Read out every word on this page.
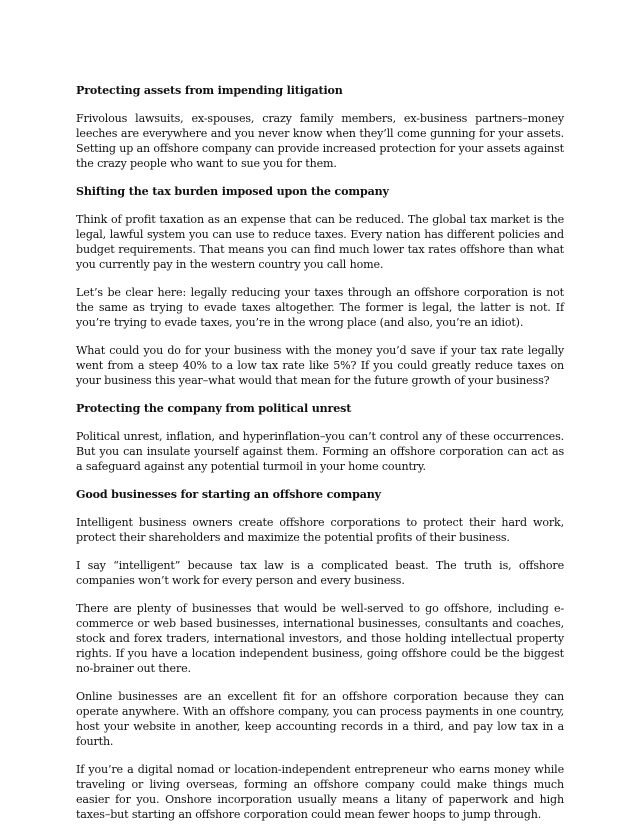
Protecting assets from impending litigation

Frivolous lawsuits, ex-spouses, crazy family members, ex-business partners–money leeches are everywhere and you never know when they’ll come gunning for your assets. Setting up an offshore company can provide increased protection for your assets against the crazy people who want to sue you for them.

Shifting the tax burden imposed upon the company

Think of profit taxation as an expense that can be reduced. The global tax market is the legal, lawful system you can use to reduce taxes. Every nation has different policies and budget requirements. That means you can find much lower tax rates offshore than what you currently pay in the western country you call home.

Let’s be clear here: legally reducing your taxes through an offshore corporation is not the same as trying to evade taxes altogether. The former is legal, the latter is not. If you’re trying to evade taxes, you’re in the wrong place (and also, you’re an idiot).

What could you do for your business with the money you’d save if your tax rate legally went from a steep 40% to a low tax rate like 5%? If you could greatly reduce taxes on your business this year–what would that mean for the future growth of your business?

Protecting the company from political unrest

Political unrest, inflation, and hyperinflation–you can’t control any of these occurrences. But you can insulate yourself against them. Forming an offshore corporation can act as a safeguard against any potential turmoil in your home country.

Good businesses for starting an offshore company

Intelligent business owners create offshore corporations to protect their hard work, protect their shareholders and maximize the potential profits of their business.

I say “intelligent” because tax law is a complicated beast. The truth is, offshore companies won’t work for every person and every business.

There are plenty of businesses that would be well-served to go offshore, including e-commerce or web based businesses, international businesses, consultants and coaches, stock and forex traders, international investors, and those holding intellectual property rights. If you have a location independent business, going offshore could be the biggest no-brainer out there.

Online businesses are an excellent fit for an offshore corporation because they can operate anywhere. With an offshore company, you can process payments in one country, host your website in another, keep accounting records in a third, and pay low tax in a fourth.

If you’re a digital nomad or location-independent entrepreneur who earns money while traveling or living overseas, forming an offshore company could make things much easier for you. Onshore incorporation usually means a litany of paperwork and high taxes–but starting an offshore corporation could mean fewer hoops to jump through.
